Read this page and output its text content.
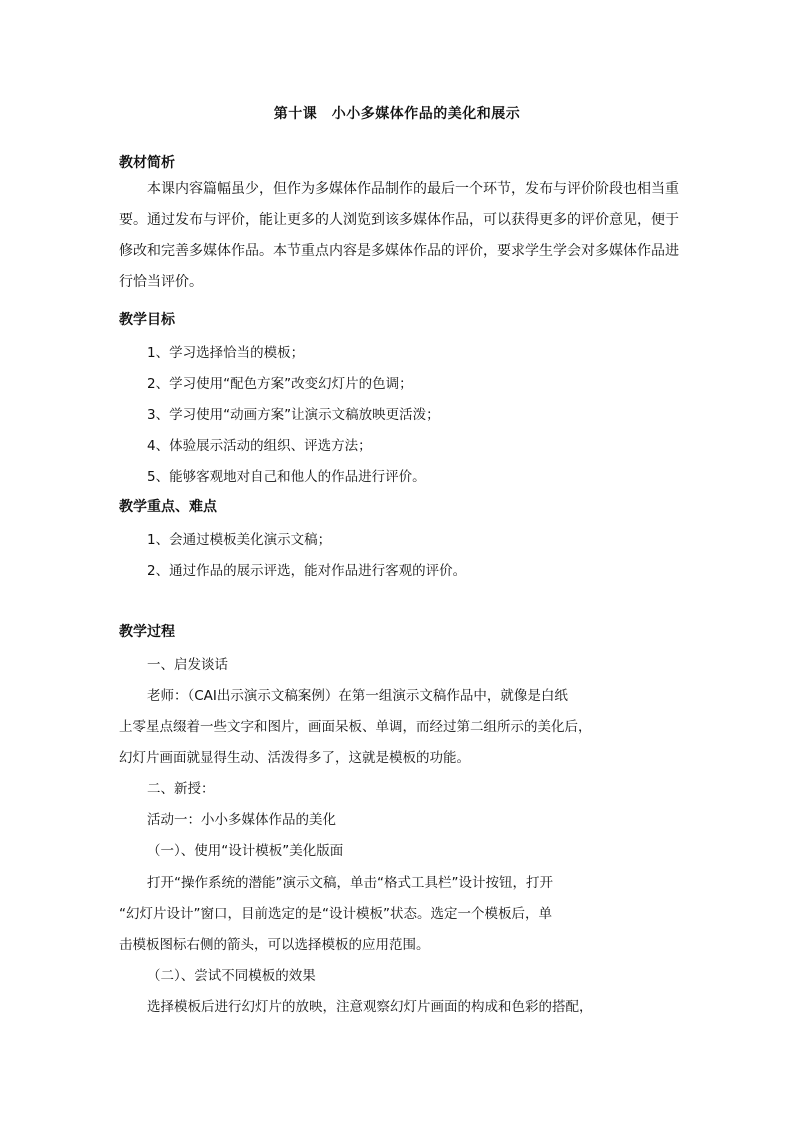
第十课　小小多媒体作品的美化和展示
教材简析
本课内容篇幅虽少，但作为多媒体作品制作的最后一个环节，发布与评价阶段也相当重要。通过发布与评价，能让更多的人浏览到该多媒体作品，可以获得更多的评价意见，便于修改和完善多媒体作品。本节重点内容是多媒体作品的评价，要求学生学会对多媒体作品进行恰当评价。
教学目标
1、学习选择恰当的模板；
2、学习使用“配色方案”改变幻灯片的色调；
3、学习使用“动画方案”让演示文稿放映更活泼；
4、体验展示活动的组织、评选方法；
5、能够客观地对自己和他人的作品进行评价。
教学重点、难点
1、会通过模板美化演示文稿；
2、通过作品的展示评选，能对作品进行客观的评价。
教学过程
一、启发谈话
老师：（CAI出示演示文稿案例）在第一组演示文稿作品中，就像是白纸
上零星点缀着一些文字和图片，画面呆板、单调，而经过第二组所示的美化后，
幻灯片画面就显得生动、活泼得多了，这就是模板的功能。
二、新授：
活动一：小小多媒体作品的美化
（一）、使用“设计模板”美化版面
打开“操作系统的潜能”演示文稿，单击“格式工具栏”设计按钮，打开
“幻灯片设计”窗口，目前选定的是“设计模板”状态。选定一个模板后，单
击模板图标右侧的箭头，可以选择模板的应用范围。
（二）、尝试不同模板的效果
选择模板后进行幻灯片的放映，注意观察幻灯片画面的构成和色彩的搭配，
